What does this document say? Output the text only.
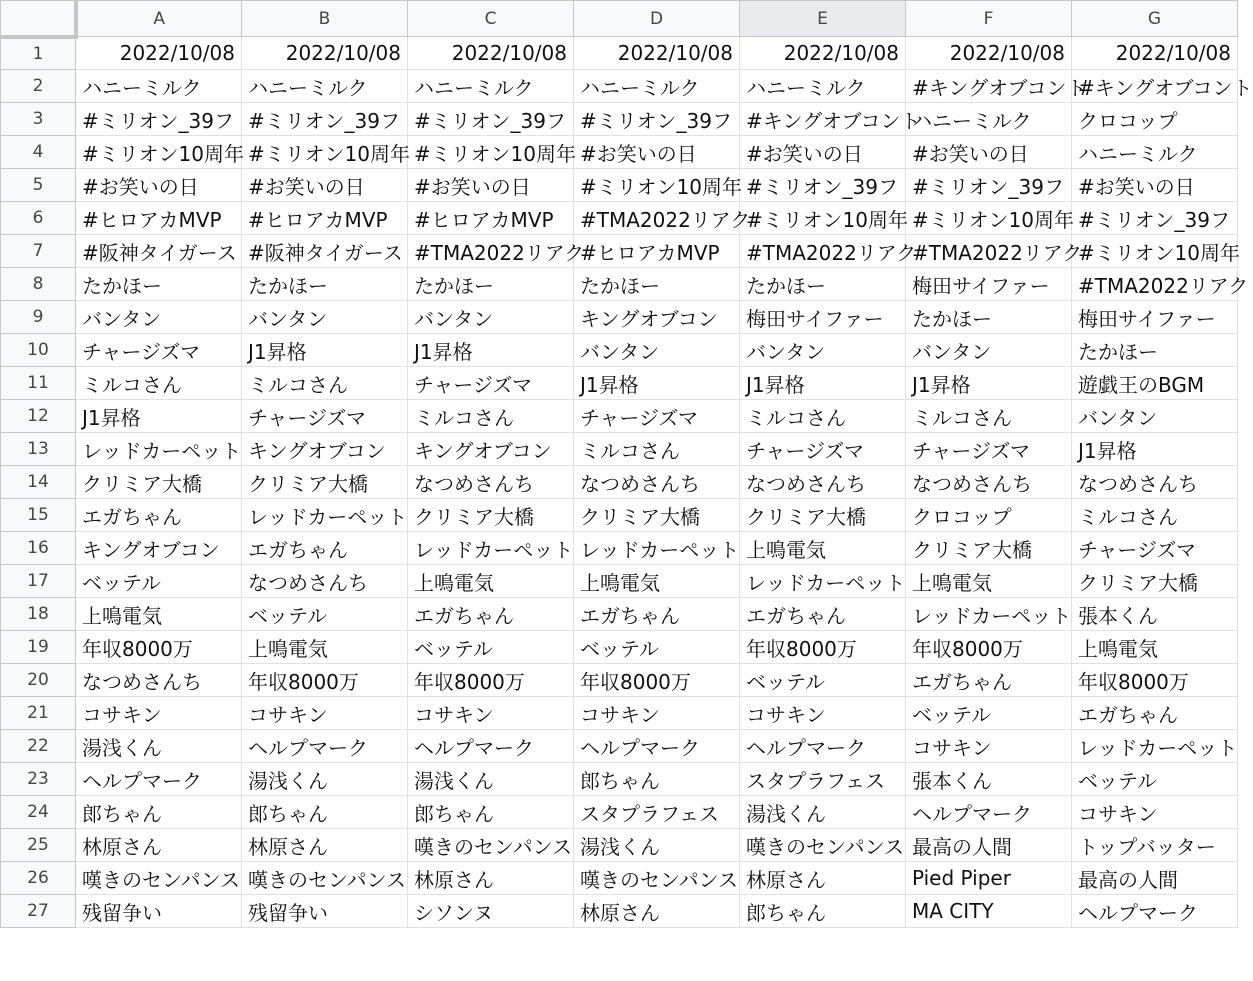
	A	B	C	D	E	F	G
1	2022/10/08	2022/10/08	2022/10/08	2022/10/08	2022/10/08	2022/10/08	2022/10/08
2	ハニーミルク	ハニーミルク	ハニーミルク	ハニーミルク	ハニーミルク	#キングオブコント	#キングオブコント
3	#ミリオン_39フ	#ミリオン_39フ	#ミリオン_39フ	#ミリオン_39フ	#キングオブコント	ハニーミルク	クロコップ
4	#ミリオン10周年	#ミリオン10周年	#ミリオン10周年	#お笑いの日	#お笑いの日	#お笑いの日	ハニーミルク
5	#お笑いの日	#お笑いの日	#お笑いの日	#ミリオン10周年	#ミリオン_39フ	#ミリオン_39フ	#お笑いの日
6	#ヒロアカMVP	#ヒロアカMVP	#ヒロアカMVP	#TMA2022リアク	#ミリオン10周年	#ミリオン10周年	#ミリオン_39フ
7	#阪神タイガース	#阪神タイガース	#TMA2022リアク	#ヒロアカMVP	#TMA2022リアク	#TMA2022リアク	#ミリオン10周年
8	たかほー	たかほー	たかほー	たかほー	たかほー	梅田サイファー	#TMA2022リアク
9	バンタン	バンタン	バンタン	キングオブコン	梅田サイファー	たかほー	梅田サイファー
10	チャージズマ	J1昇格	J1昇格	バンタン	バンタン	バンタン	たかほー
11	ミルコさん	ミルコさん	チャージズマ	J1昇格	J1昇格	J1昇格	遊戯王のBGM
12	J1昇格	チャージズマ	ミルコさん	チャージズマ	ミルコさん	ミルコさん	バンタン
13	レッドカーペット	キングオブコン	キングオブコン	ミルコさん	チャージズマ	チャージズマ	J1昇格
14	クリミア大橋	クリミア大橋	なつめさんち	なつめさんち	なつめさんち	なつめさんち	なつめさんち
15	エガちゃん	レッドカーペット	クリミア大橋	クリミア大橋	クリミア大橋	クロコップ	ミルコさん
16	キングオブコン	エガちゃん	レッドカーペット	レッドカーペット	上鳴電気	クリミア大橋	チャージズマ
17	ベッテル	なつめさんち	上鳴電気	上鳴電気	レッドカーペット	上鳴電気	クリミア大橋
18	上鳴電気	ベッテル	エガちゃん	エガちゃん	エガちゃん	レッドカーペット	張本くん
19	年収8000万	上鳴電気	ベッテル	ベッテル	年収8000万	年収8000万	上鳴電気
20	なつめさんち	年収8000万	年収8000万	年収8000万	ベッテル	エガちゃん	年収8000万
21	コサキン	コサキン	コサキン	コサキン	コサキン	ベッテル	エガちゃん
22	湯浅くん	ヘルプマーク	ヘルプマーク	ヘルプマーク	ヘルプマーク	コサキン	レッドカーペット
23	ヘルプマーク	湯浅くん	湯浅くん	郎ちゃん	スタプラフェス	張本くん	ベッテル
24	郎ちゃん	郎ちゃん	郎ちゃん	スタプラフェス	湯浅くん	ヘルプマーク	コサキン
25	林原さん	林原さん	嘆きのセンパンス	湯浅くん	嘆きのセンパンス	最高の人間	トップバッター
26	嘆きのセンパンス	嘆きのセンパンス	林原さん	嘆きのセンパンス	林原さん	Pied Piper	最高の人間
27	残留争い	残留争い	シソンヌ	林原さん	郎ちゃん	MA CITY	ヘルプマーク
